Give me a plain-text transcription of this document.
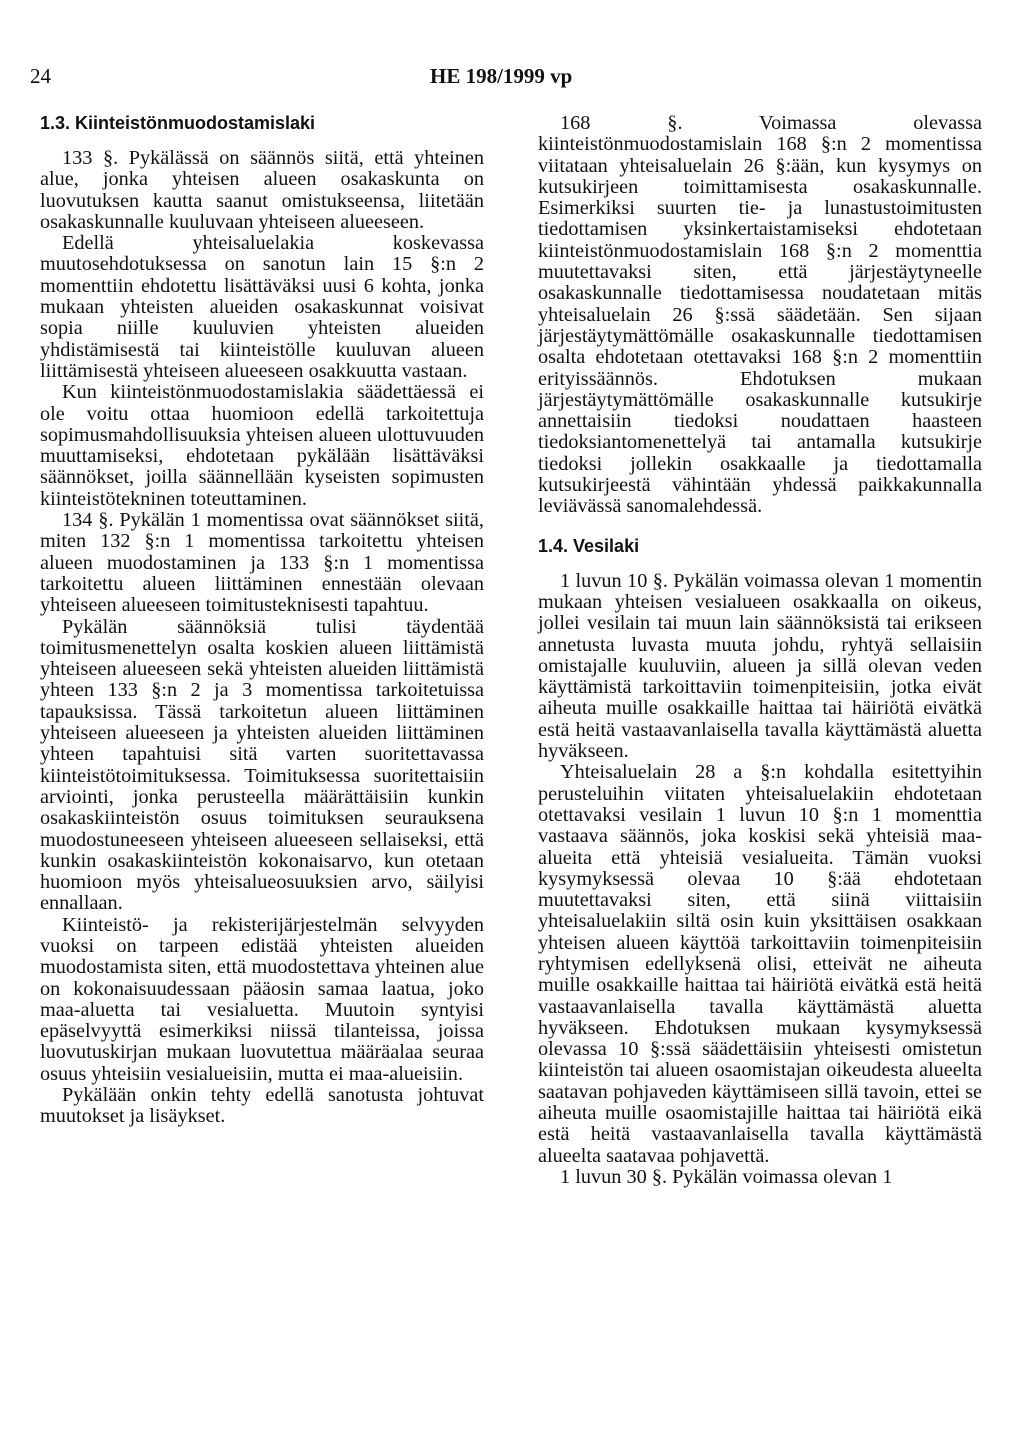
24	HE 198/1999 vp
1.3. Kiinteistönmuodostamislaki

133 §. Pykälässä on säännös siitä, että yhteinen alue, jonka yhteisen alueen osakaskunta on luovutuksen kautta saanut omistukseensa, liitetään osakaskunnalle kuuluvaan yhteiseen alueeseen.

Edellä yhteisaluelakia koskevassa muutosehdotuksessa on sanotun lain 15 §:n 2 momenttiin ehdotettu lisättäväksi uusi 6 kohta, jonka mukaan yhteisten alueiden osakaskunnat voisivat sopia niille kuuluvien yhteisten alueiden yhdistämisestä tai kiinteistölle kuuluvan alueen liittämisestä yhteiseen alueeseen osakkuutta vastaan.

Kun kiinteistönmuodostamislakia säädettäessä ei ole voitu ottaa huomioon edellä tarkoitettuja sopimusmahdollisuuksia yhteisen alueen ulottuvuuden muuttamiseksi, ehdotetaan pykälään lisättäväksi säännökset, joilla säännellään kyseisten sopimusten kiinteistötekninen toteuttaminen.

134 §. Pykälän 1 momentissa ovat säännökset siitä, miten 132 §:n 1 momentissa tarkoitettu yhteisen alueen muodostaminen ja 133 §:n 1 momentissa tarkoitettu alueen liittäminen ennestään olevaan yhteiseen alueeseen toimitusteknisesti tapahtuu.

Pykälän säännöksiä tulisi täydentää toimitusmenettelyn osalta koskien alueen liittämistä yhteiseen alueeseen sekä yhteisten alueiden liittämistä yhteen 133 §:n 2 ja 3 momentissa tarkoitetuissa tapauksissa. Tässä tarkoitetun alueen liittäminen yhteiseen alueeseen ja yhteisten alueiden liittäminen yhteen tapahtuisi sitä varten suoritettavassa kiinteistötoimituksessa. Toimituksessa suoritettaisiin arviointi, jonka perusteella määrättäisiin kunkin osakaskiinteistön osuus toimituksen seurauksena muodostuneeseen yhteiseen alueeseen sellaiseksi, että kunkin osakaskiinteistön kokonaisarvo, kun otetaan huomioon myös yhteisalueosuuksien arvo, säilyisi ennallaan.

Kiinteistö- ja rekisterijärjestelmän selvyyden vuoksi on tarpeen edistää yhteisten alueiden muodostamista siten, että muodostettava yhteinen alue on kokonaisuudessaan pääosin samaa laatua, joko maa-aluetta tai vesialuetta. Muutoin syntyisi epäselvyyttä esimerkiksi niissä tilanteissa, joissa luovutuskirjan mukaan luovutettua määräalaa seuraa osuus yhteisiin vesialueisiin, mutta ei maa-alueisiin.

Pykälään onkin tehty edellä sanotusta johtuvat muutokset ja lisäykset.

168 §. Voimassa olevassa kiinteistönmuodostamislain 168 §:n 2 momentissa viitataan yhteisaluelain 26 §:ään, kun kysymys on kutsukirjeen toimittamisesta osakaskunnalle. Esimerkiksi suurten tie- ja lunastustoimitusten tiedottamisen yksinkertaistamiseksi ehdotetaan kiinteistönmuodostamislain 168 §:n 2 momenttia muutettavaksi siten, että järjestäytyneelle osakaskunnalle tiedottamisessa noudatetaan mitäs yhteisaluelain 26 §:ssä säädetään. Sen sijaan järjestäytymättömälle osakaskunnalle tiedottamisen osalta ehdotetaan otettavaksi 168 §:n 2 momenttiin erityissäännös. Ehdotuksen mukaan järjestäytymättömälle osakaskunnalle kutsukirje annettaisiin tiedoksi noudattaen haasteen tiedoksiantomenettelyä tai antamalla kutsukirje tiedoksi jollekin osakkaalle ja tiedottamalla kutsukirjeestä vähintään yhdessä paikkakunnalla leviävässä sanomalehdessä.

1.4. Vesilaki

1 luvun 10 §. Pykälän voimassa olevan 1 momentin mukaan yhteisen vesialueen osakkaalla on oikeus, jollei vesilain tai muun lain säännöksistä tai erikseen annetusta luvasta muuta johdu, ryhtyä sellaisiin omistajalle kuuluviin, alueen ja sillä olevan veden käyttämistä tarkoittaviin toimenpiteisiin, jotka eivät aiheuta muille osakkaille haittaa tai häiriötä eivätkä estä heitä vastaavanlaisella tavalla käyttämästä aluetta hyväkseen.

Yhteisaluelain 28 a §:n kohdalla esitettyihin perusteluihin viitaten yhteisaluelakiin ehdotetaan otettavaksi vesilain 1 luvun 10 §:n 1 momenttia vastaava säännös, joka koskisi sekä yhteisiä maa-alueita että yhteisiä vesialueita. Tämän vuoksi kysymyksessä olevaa 10 §:ää ehdotetaan muutettavaksi siten, että siinä viittaisiin yhteisaluelakiin siltä osin kuin yksittäisen osakkaan yhteisen alueen käyttöä tarkoittaviin toimenpiteisiin ryhtymisen edellyksenä olisi, etteivät ne aiheuta muille osakkaille haittaa tai häiriötä eivätkä estä heitä vastaavanlaisella tavalla käyttämästä aluetta hyväkseen. Ehdotuksen mukaan kysymyksessä olevassa 10 §:ssä säädettäisiin yhteisesti omistetun kiinteistön tai alueen osaomistajan oikeudesta alueelta saatavan pohjaveden käyttämiseen sillä tavoin, ettei se aiheuta muille osaomistajille haittaa tai häiriötä eikä estä heitä vastaavanlaisella tavalla käyttämästä alueelta saatavaa pohjavettä.

1 luvun 30 §. Pykälän voimassa olevan 1
